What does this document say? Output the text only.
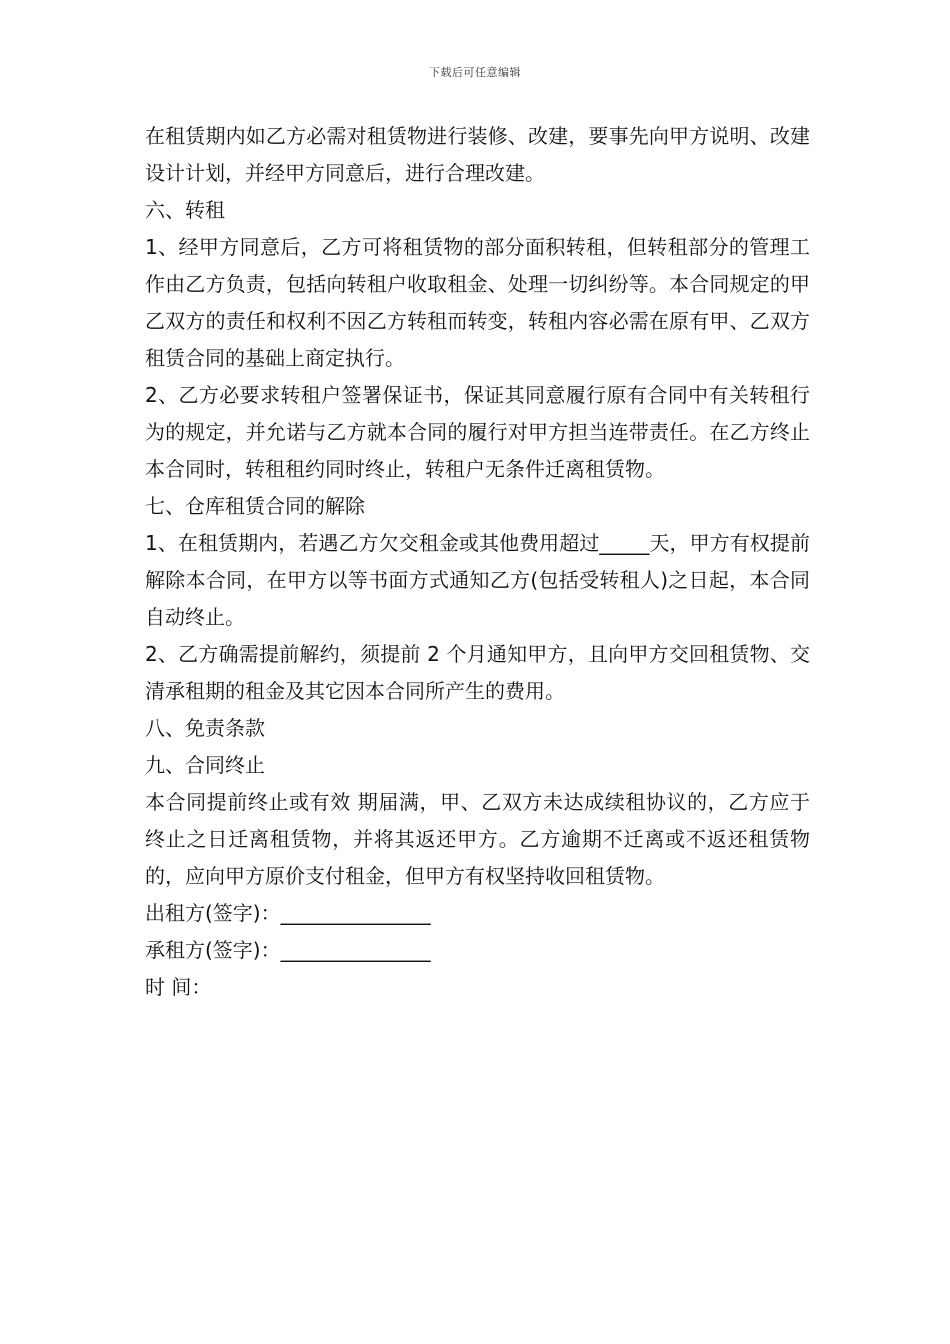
下载后可任意编辑

在租赁期内如乙方必需对租赁物进行装修、改建，要事先向甲方说明、改建设计计划，并经甲方同意后，进行合理改建。

六、转租

1、经甲方同意后，乙方可将租赁物的部分面积转租，但转租部分的管理工作由乙方负责，包括向转租户收取租金、处理一切纠纷等。本合同规定的甲乙双方的责任和权利不因乙方转租而转变，转租内容必需在原有甲、乙双方租赁合同的基础上商定执行。

2、乙方必要求转租户签署保证书，保证其同意履行原有合同中有关转租行为的规定，并允诺与乙方就本合同的履行对甲方担当连带责任。在乙方终止本合同时，转租租约同时终止，转租户无条件迁离租赁物。

七、仓库租赁合同的解除

1、在租赁期内，若遇乙方欠交租金或其他费用超过_____天，甲方有权提前解除本合同，在甲方以等书面方式通知乙方(包括受转租人)之日起，本合同自动终止。

2、乙方确需提前解约，须提前 2 个月通知甲方，且向甲方交回租赁物、交清承租期的租金及其它因本合同所产生的费用。

八、免责条款

九、合同终止

本合同提前终止或有效 期届满，甲、乙双方未达成续租协议的，乙方应于终止之日迁离租赁物，并将其返还甲方。乙方逾期不迁离或不返还租赁物的，应向甲方原价支付租金，但甲方有权坚持收回租赁物。

出租方(签字)：_______________

承租方(签字)：_______________

时 间：
